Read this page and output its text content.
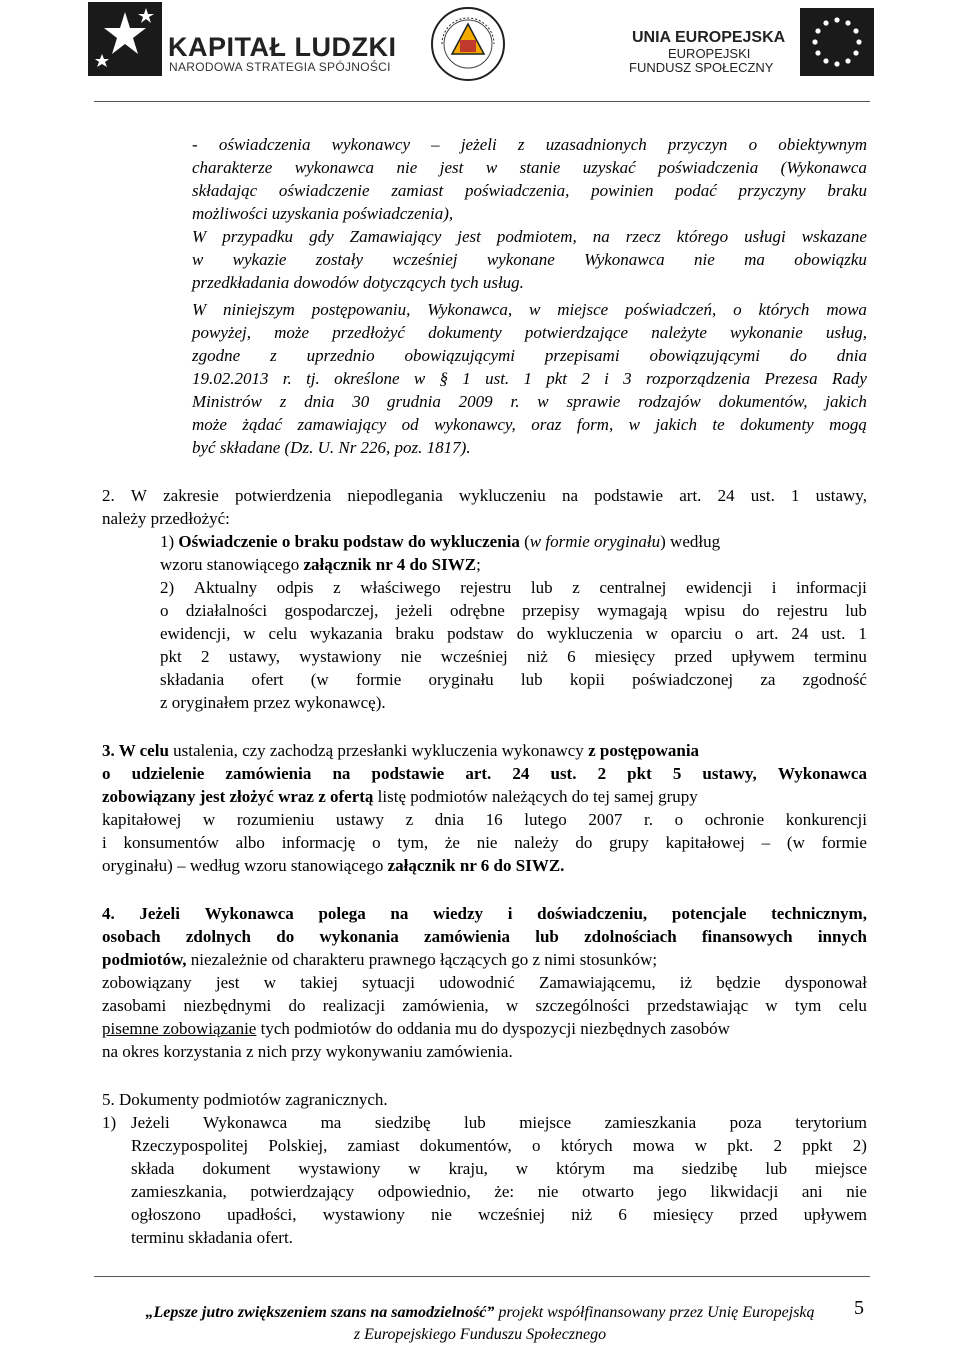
KAPITAŁ LUDZKI
NARODOWA STRATEGIA SPÓJNOŚCI
UNIA EUROPEJSKA
EUROPEJSKI
FUNDUSZ SPOŁECZNY
- oświadczenia wykonawcy – jeżeli z uzasadnionych przyczyn o obiektywnym
charakterze wykonawca nie jest w stanie uzyskać poświadczenia (Wykonawca
składając oświadczenie zamiast poświadczenia, powinien podać przyczyny braku
możliwości uzyskania poświadczenia),
W przypadku gdy Zamawiający jest podmiotem, na rzecz którego usługi wskazane
w wykazie zostały wcześniej wykonane Wykonawca nie ma obowiązku
przedkładania dowodów dotyczących tych usług.
W niniejszym postępowaniu, Wykonawca, w miejsce poświadczeń, o których mowa
powyżej, może przedłożyć dokumenty potwierdzające należyte wykonanie usług,
zgodne z uprzednio obowiązującymi przepisami obowiązującymi do dnia
19.02.2013 r. tj. określone w § 1 ust. 1 pkt 2 i 3 rozporządzenia Prezesa Rady
Ministrów z dnia 30 grudnia 2009 r. w sprawie rodzajów dokumentów, jakich
może żądać zamawiający od wykonawcy, oraz form, w jakich te dokumenty mogą
być składane (Dz. U. Nr 226, poz. 1817).
2. W zakresie potwierdzenia niepodlegania wykluczeniu na podstawie art. 24 ust. 1 ustawy,
należy przedłożyć:
1) Oświadczenie o braku podstaw do wykluczenia (w formie oryginału) według
wzoru stanowiącego załącznik nr 4 do SIWZ;
2) Aktualny odpis z właściwego rejestru lub z centralnej ewidencji i informacji
o działalności gospodarczej, jeżeli odrębne przepisy wymagają wpisu do rejestru lub
ewidencji, w celu wykazania braku podstaw do wykluczenia w oparciu o art. 24 ust. 1
pkt 2 ustawy, wystawiony nie wcześniej niż 6 miesięcy przed upływem terminu
składania ofert (w formie oryginału lub kopii poświadczonej za zgodność
z oryginałem przez wykonawcę).
3. W celu ustalenia, czy zachodzą przesłanki wykluczenia wykonawcy z postępowania
o udzielenie zamówienia na podstawie art. 24 ust. 2 pkt 5 ustawy, Wykonawca
zobowiązany jest złożyć wraz z ofertą listę podmiotów należących do tej samej grupy
kapitałowej w rozumieniu ustawy z dnia 16 lutego 2007 r. o ochronie konkurencji
i konsumentów albo informację o tym, że nie należy do grupy kapitałowej – (w formie
oryginału) – według wzoru stanowiącego załącznik nr 6 do SIWZ.
4. Jeżeli Wykonawca polega na wiedzy i doświadczeniu, potencjale technicznym,
osobach zdolnych do wykonania zamówienia lub zdolnościach finansowych innych
podmiotów, niezależnie od charakteru prawnego łączących go z nimi stosunków;
zobowiązany jest w takiej sytuacji udowodnić Zamawiającemu, iż będzie dysponował
zasobami niezbędnymi do realizacji zamówienia, w szczególności przedstawiając w tym celu
pisemne zobowiązanie tych podmiotów do oddania mu do dyspozycji niezbędnych zasobów
na okres korzystania z nich przy wykonywaniu zamówienia.
5. Dokumenty podmiotów zagranicznych.
1) Jeżeli Wykonawca ma siedzibę lub miejsce zamieszkania poza terytorium
Rzeczypospolitej Polskiej, zamiast dokumentów, o których mowa w pkt. 2 ppkt 2)
składa dokument wystawiony w kraju, w którym ma siedzibę lub miejsce
zamieszkania, potwierdzający odpowiednio, że: nie otwarto jego likwidacji ani nie
ogłoszono upadłości, wystawiony nie wcześniej niż 6 miesięcy przed upływem
terminu składania ofert.
5
„Lepsze jutro zwiększeniem szans na samodzielność” projekt współfinansowany przez Unię Europejską
z Europejskiego Funduszu Społecznego
